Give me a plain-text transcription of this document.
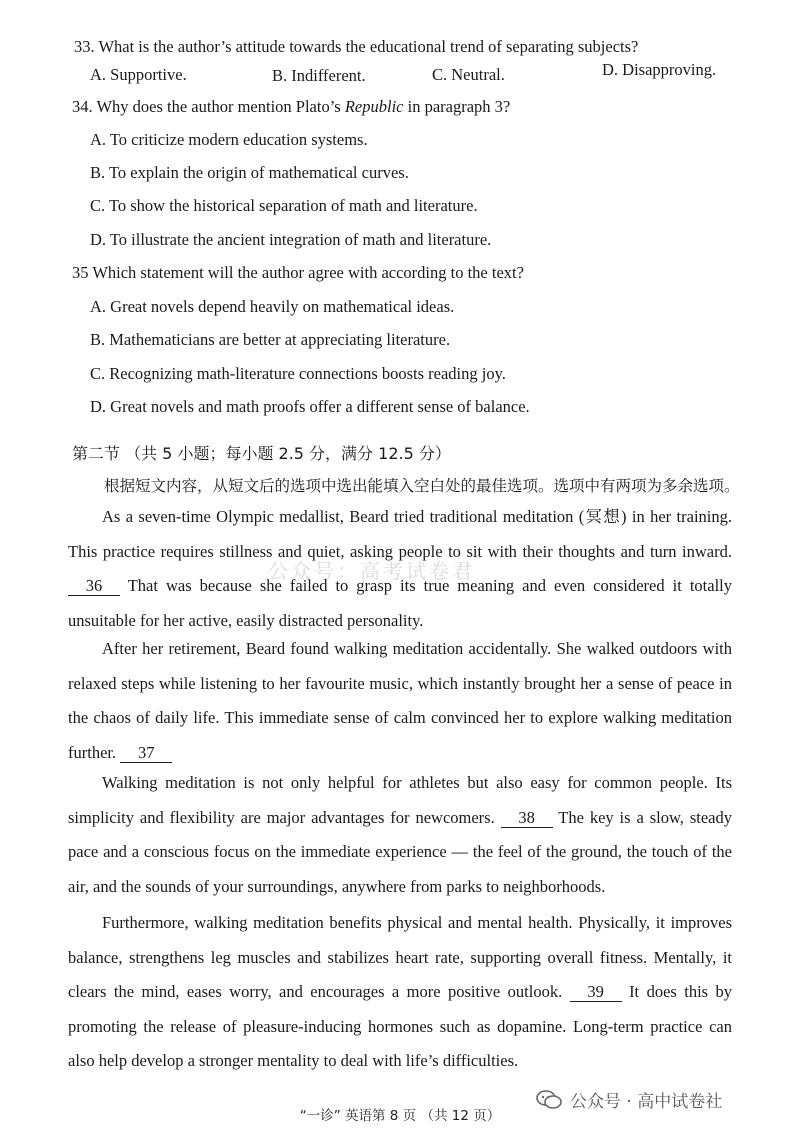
33. What is the author’s attitude towards the educational trend of separating subjects?
A. Supportive.	B. Indifferent.	C. Neutral.	D. Disapproving.
34. Why does the author mention Plato’s Republic in paragraph 3?
A. To criticize modern education systems.
B. To explain the origin of mathematical curves.
C. To show the historical separation of math and literature.
D. To illustrate the ancient integration of math and literature.
35 Which statement will the author agree with according to the text?
A. Great novels depend heavily on mathematical ideas.
B. Mathematicians are better at appreciating literature.
C. Recognizing math-literature connections boosts reading joy.
D. Great novels and math proofs offer a different sense of balance.
第二节 （共 5 小题；每小题 2.5 分，满分 12.5 分）
根据短文内容，从短文后的选项中选出能填入空白处的最佳选项。选项中有两项为多余选项。
As a seven-time Olympic medallist, Beard tried traditional meditation (冥想) in her training. This practice requires stillness and quiet, asking people to sit with their thoughts and turn inward. 36 That was because she failed to grasp its true meaning and even considered it totally unsuitable for her active, easily distracted personality.
After her retirement, Beard found walking meditation accidentally. She walked outdoors with relaxed steps while listening to her favourite music, which instantly brought her a sense of peace in the chaos of daily life. This immediate sense of calm convinced her to explore walking meditation further. 37
Walking meditation is not only helpful for athletes but also easy for common people. Its simplicity and flexibility are major advantages for newcomers. 38 The key is a slow, steady pace and a conscious focus on the immediate experience — the feel of the ground, the touch of the air, and the sounds of your surroundings, anywhere from parks to neighborhoods.
Furthermore, walking meditation benefits physical and mental health. Physically, it improves balance, strengthens leg muscles and stabilizes heart rate, supporting overall fitness. Mentally, it clears the mind, eases worry, and encourages a more positive outlook. 39 It does this by promoting the release of pleasure-inducing hormones such as dopamine. Long-term practice can also help develop a stronger mentality to deal with life’s difficulties.
公众号：高考试卷君
公众号 · 高中试卷社
“一诊” 英语第 8 页 （共 12 页）
